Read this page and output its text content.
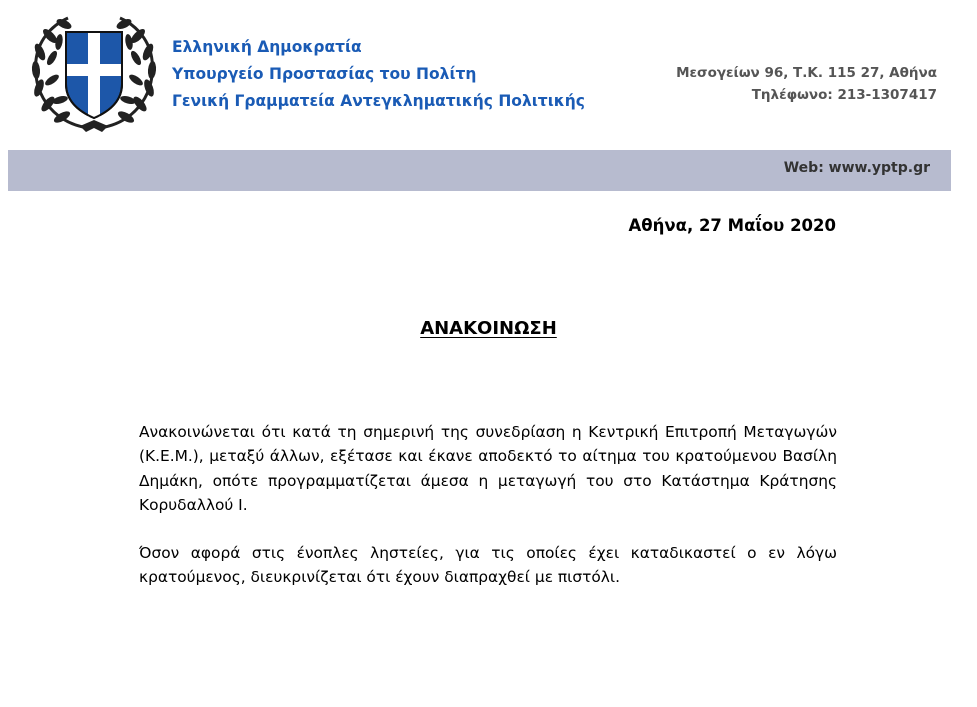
Ελληνική Δημοκρατία
Υπουργείο Προστασίας του Πολίτη
Γενική Γραμματεία Αντεγκληματικής Πολιτικής
Μεσογείων 96, Τ.Κ. 115 27, Αθήνα
Τηλέφωνο: 213-1307417
Web: www.yptp.gr
Αθήνα, 27 Μαΐου 2020
ΑΝΑΚΟΙΝΩΣΗ

Ανακοινώνεται ότι κατά τη σημερινή της συνεδρίαση η Κεντρική Επιτροπή Μεταγωγών (Κ.Ε.Μ.), μεταξύ άλλων, εξέτασε και έκανε αποδεκτό το αίτημα του κρατούμενου Βασίλη Δημάκη, οπότε προγραμματίζεται άμεσα η μεταγωγή του στο Κατάστημα Κράτησης Κορυδαλλού Ι.

Όσον αφορά στις ένοπλες ληστείες, για τις οποίες έχει καταδικαστεί ο εν λόγω κρατούμενος, διευκρινίζεται ότι έχουν διαπραχθεί με πιστόλι.
